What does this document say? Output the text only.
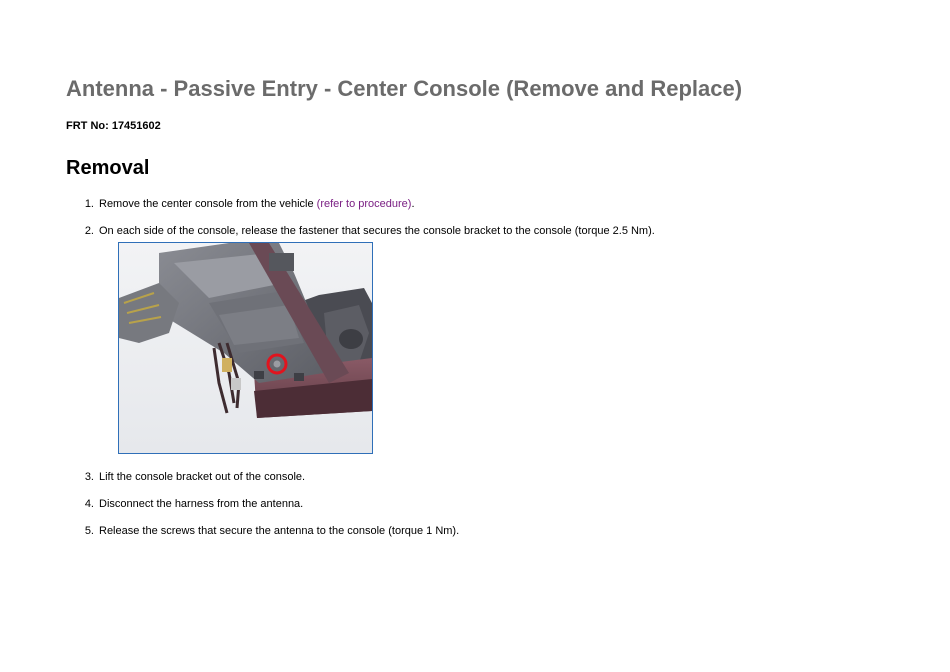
Antenna - Passive Entry - Center Console (Remove and Replace)
FRT No: 17451602
Removal
1. Remove the center console from the vehicle (refer to procedure).
2. On each side of the console, release the fastener that secures the console bracket to the console (torque 2.5 Nm).
3. Lift the console bracket out of the console.
4. Disconnect the harness from the antenna.
5. Release the screws that secure the antenna to the console (torque 1 Nm).
